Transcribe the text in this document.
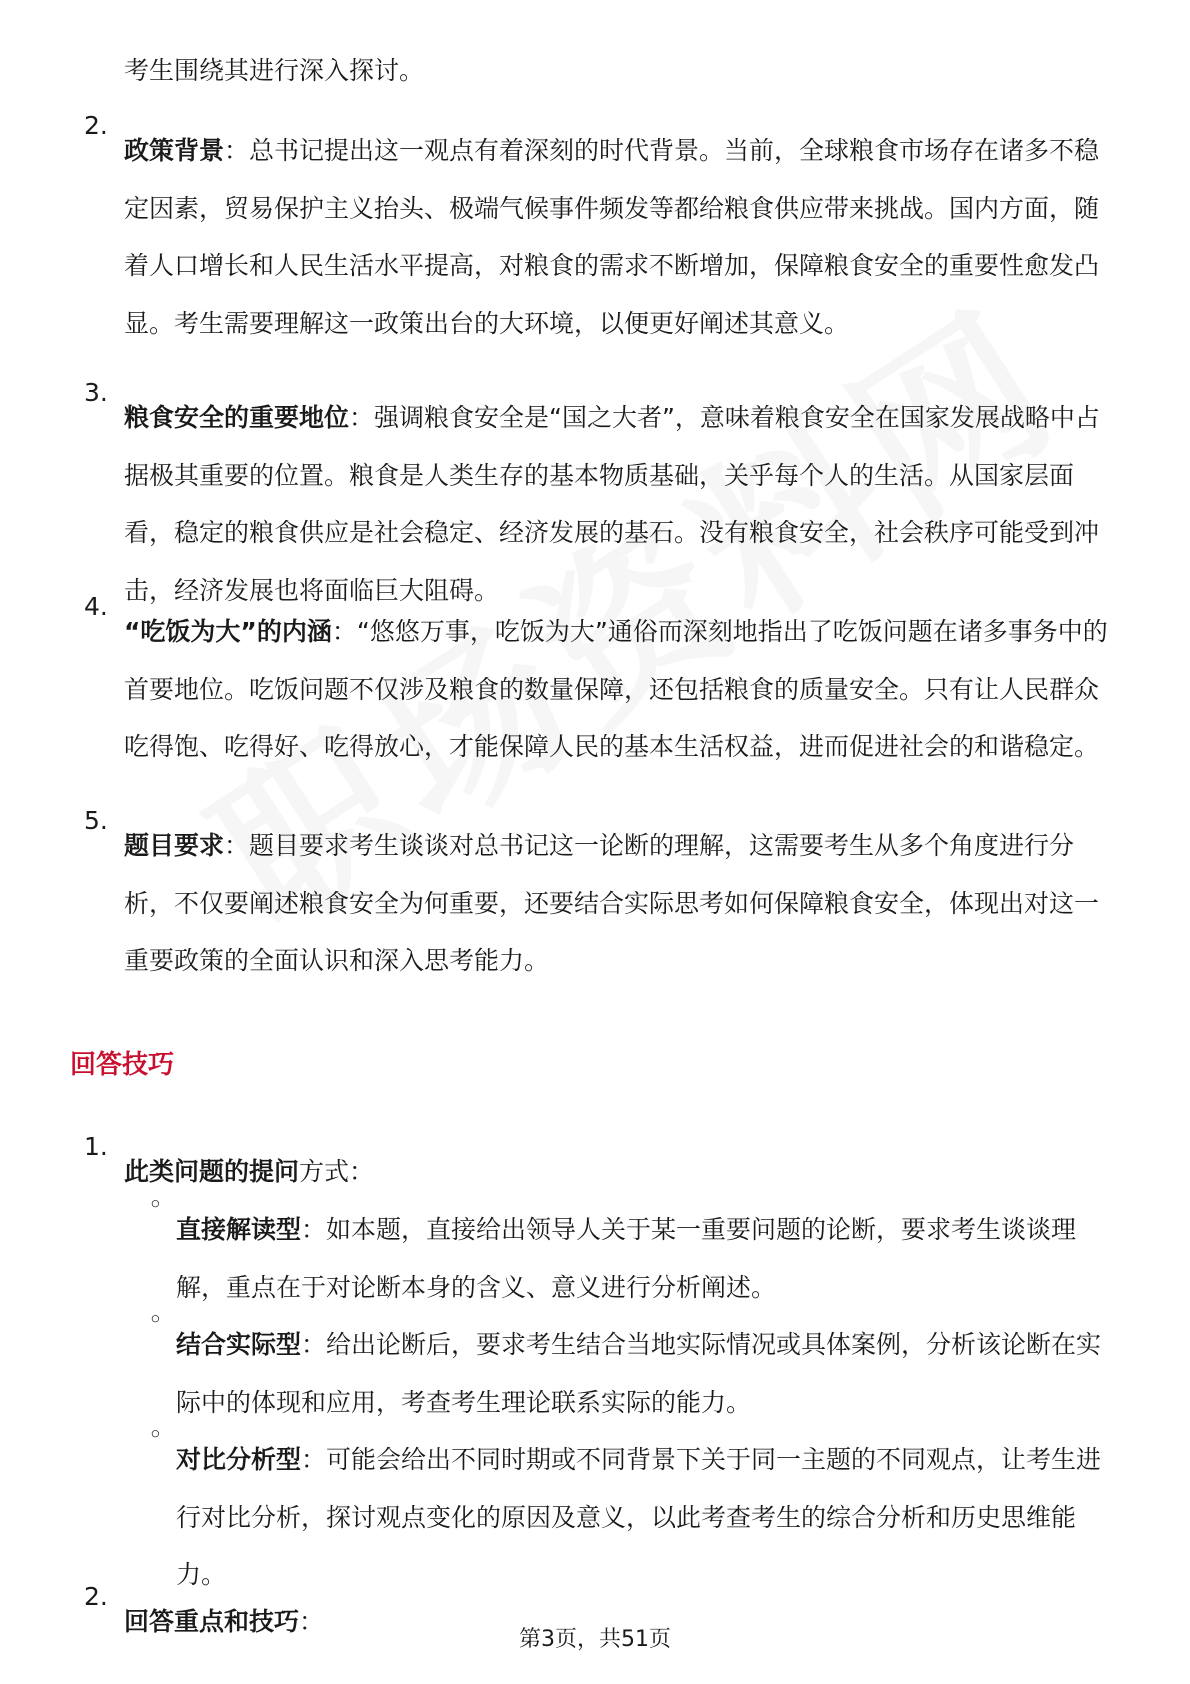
考生围绕其进行深入探讨。

2.

政策背景：总书记提出这一观点有着深刻的时代背景。当前，全球粮食市场存在诸多不稳定因素，贸易保护主义抬头、极端气候事件频发等都给粮食供应带来挑战。国内方面，随着人口增长和人民生活水平提高，对粮食的需求不断增加，保障粮食安全的重要性愈发凸显。考生需要理解这一政策出台的大环境，以便更好阐述其意义。

3.

粮食安全的重要地位：强调粮食安全是“国之大者”，意味着粮食安全在国家发展战略中占据极其重要的位置。粮食是人类生存的基本物质基础，关乎每个人的生活。从国家层面看，稳定的粮食供应是社会稳定、经济发展的基石。没有粮食安全，社会秩序可能受到冲击，经济发展也将面临巨大阻碍。

4.

“吃饭为大”的内涵：“悠悠万事，吃饭为大”通俗而深刻地指出了吃饭问题在诸多事务中的首要地位。吃饭问题不仅涉及粮食的数量保障，还包括粮食的质量安全。只有让人民群众吃得饱、吃得好、吃得放心，才能保障人民的基本生活权益，进而促进社会的和谐稳定。

5.

题目要求：题目要求考生谈谈对总书记这一论断的理解，这需要考生从多个角度进行分析，不仅要阐述粮食安全为何重要，还要结合实际思考如何保障粮食安全，体现出对这一重要政策的全面认识和深入思考能力。

回答技巧
1.

此类问题的提问方式：

◦

直接解读型：如本题，直接给出领导人关于某一重要问题的论断，要求考生谈谈理解，重点在于对论断本身的含义、意义进行分析阐述。

◦

结合实际型：给出论断后，要求考生结合当地实际情况或具体案例，分析该论断在实际中的体现和应用，考查考生理论联系实际的能力。

◦

对比分析型：可能会给出不同时期或不同背景下关于同一主题的不同观点，让考生进行对比分析，探讨观点变化的原因及意义，以此考查考生的综合分析和历史思维能力。

2.

回答重点和技巧：

第3页，共51页
